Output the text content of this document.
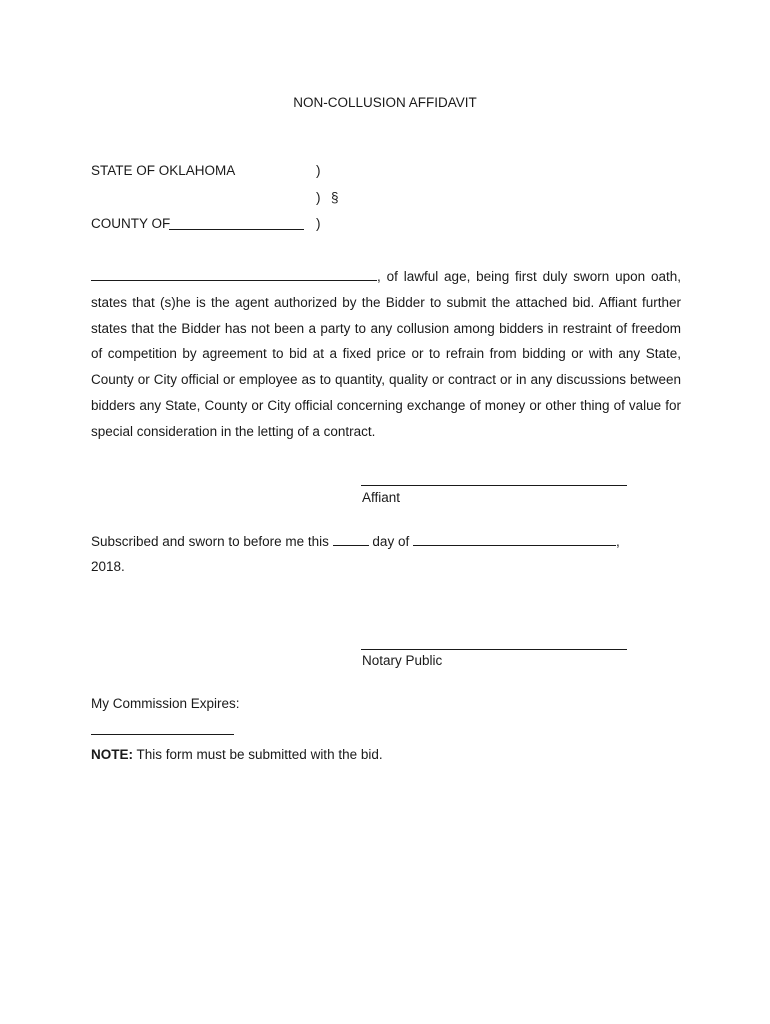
NON-COLLUSION AFFIDAVIT
STATE OF OKLAHOMA	)
) §
COUNTY OF	)
, of lawful age, being first duly sworn upon oath, states that (s)he is the agent authorized by the Bidder to submit the attached bid. Affiant further states that the Bidder has not been a party to any collusion among bidders in restraint of freedom of competition by agreement to bid at a fixed price or to refrain from bidding or with any State, County or City official or employee as to quantity, quality or contract or in any discussions between bidders any State, County or City official concerning exchange of money or other thing of value for special consideration in the letting of a contract.
Affiant
Subscribed and sworn to before me this	day of	,
2018.
Notary Public
My Commission Expires:
NOTE: This form must be submitted with the bid.
